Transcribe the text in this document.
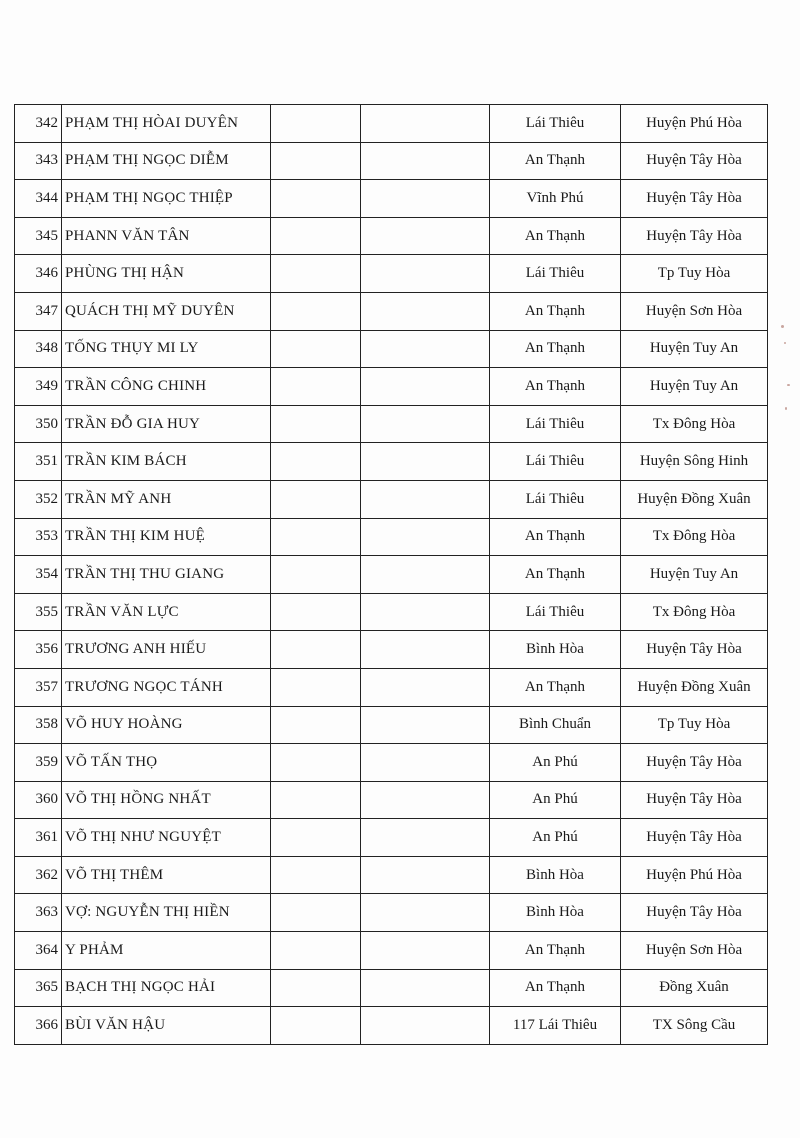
342	PHẠM THỊ HÒAI DUYÊN			Lái Thiêu	Huyện Phú Hòa
343	PHẠM THỊ NGỌC DIỄM			An Thạnh	Huyện Tây Hòa
344	PHẠM THỊ NGỌC THIỆP			Vĩnh Phú	Huyện Tây Hòa
345	PHANN VĂN TÂN			An Thạnh	Huyện Tây Hòa
346	PHÙNG THỊ HẬN			Lái Thiêu	Tp Tuy Hòa
347	QUÁCH THỊ MỸ DUYÊN			An Thạnh	Huyện Sơn Hòa
348	TỐNG THỤY MI LY			An Thạnh	Huyện Tuy An
349	TRẦN CÔNG CHINH			An Thạnh	Huyện Tuy An
350	TRẦN ĐỖ GIA HUY			Lái Thiêu	Tx Đông Hòa
351	TRẦN KIM BÁCH			Lái Thiêu	Huyện Sông Hinh
352	TRẦN MỸ ANH			Lái Thiêu	Huyện Đồng Xuân
353	TRẦN THỊ KIM HUỆ			An Thạnh	Tx Đông Hòa
354	TRẦN THỊ THU GIANG			An Thạnh	Huyện Tuy An
355	TRẦN VĂN LỰC			Lái Thiêu	Tx Đông Hòa
356	TRƯƠNG ANH HIẾU			Bình Hòa	Huyện Tây Hòa
357	TRƯƠNG NGỌC TÁNH			An Thạnh	Huyện Đồng Xuân
358	VÕ HUY HOÀNG			Bình Chuẩn	Tp Tuy Hòa
359	VÕ TẤN THỌ			An Phú	Huyện Tây Hòa
360	VÕ THỊ HỒNG NHẤT			An Phú	Huyện Tây Hòa
361	VÕ THỊ NHƯ NGUYỆT			An Phú	Huyện Tây Hòa
362	VÕ THỊ THÊM			Bình Hòa	Huyện Phú Hòa
363	VỢ: NGUYỄN THỊ HIỀN			Bình Hòa	Huyện Tây Hòa
364	Y PHẢM			An Thạnh	Huyện Sơn Hòa
365	BẠCH THỊ NGỌC HẢI			An Thạnh	Đồng Xuân
366	BÙI VĂN HẬU			117 Lái Thiêu	TX Sông Cầu
